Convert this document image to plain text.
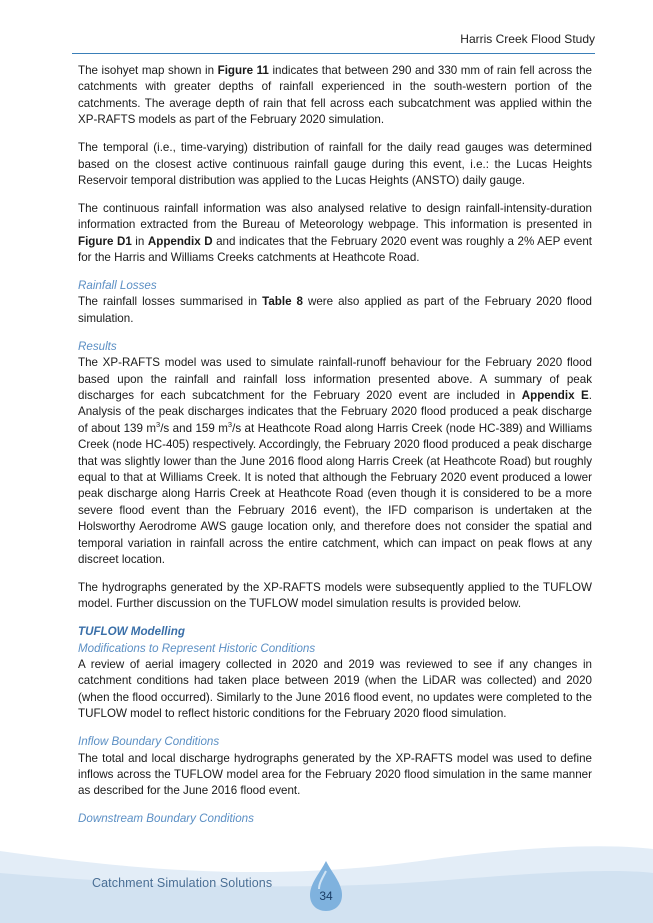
Harris Creek Flood Study

The isohyet map shown in Figure 11 indicates that between 290 and 330 mm of rain fell across the catchments with greater depths of rainfall experienced in the south-western portion of the catchments. The average depth of rain that fell across each subcatchment was applied within the XP-RAFTS models as part of the February 2020 simulation.

The temporal (i.e., time-varying) distribution of rainfall for the daily read gauges was determined based on the closest active continuous rainfall gauge during this event, i.e.: the Lucas Heights Reservoir temporal distribution was applied to the Lucas Heights (ANSTO) daily gauge.

The continuous rainfall information was also analysed relative to design rainfall-intensity-duration information extracted from the Bureau of Meteorology webpage. This information is presented in Figure D1 in Appendix D and indicates that the February 2020 event was roughly a 2% AEP event for the Harris and Williams Creeks catchments at Heathcote Road.

Rainfall Losses

The rainfall losses summarised in Table 8 were also applied as part of the February 2020 flood simulation.

Results

The XP-RAFTS model was used to simulate rainfall-runoff behaviour for the February 2020 flood based upon the rainfall and rainfall loss information presented above. A summary of peak discharges for each subcatchment for the February 2020 event are included in Appendix E. Analysis of the peak discharges indicates that the February 2020 flood produced a peak discharge of about 139 $m^3/s$ and 159 $m^3/s$ at Heathcote Road along Harris Creek (node HC-389) and Williams Creek (node HC-405) respectively. Accordingly, the February 2020 flood produced a peak discharge that was slightly lower than the June 2016 flood along Harris Creek (at Heathcote Road) but roughly equal to that at Williams Creek. It is noted that although the February 2020 event produced a lower peak discharge along Harris Creek at Heathcote Road (even though it is considered to be a more severe flood event than the February 2016 event), the IFD comparison is undertaken at the Holsworthy Aerodrome AWS gauge location only, and therefore does not consider the spatial and temporal variation in rainfall across the entire catchment, which can impact on peak flows at any discreet location.

The hydrographs generated by the XP-RAFTS models were subsequently applied to the TUFLOW model. Further discussion on the TUFLOW model simulation results is provided below.

TUFLOW Modelling
Modifications to Represent Historic Conditions

A review of aerial imagery collected in 2020 and 2019 was reviewed to see if any changes in catchment conditions had taken place between 2019 (when the LiDAR was collected) and 2020 (when the flood occurred). Similarly to the June 2016 flood event, no updates were completed to the TUFLOW model to reflect historic conditions for the February 2020 flood simulation.

Inflow Boundary Conditions

The total and local discharge hydrographs generated by the XP-RAFTS model was used to define inflows across the TUFLOW model area for the February 2020 flood simulation in the same manner as described for the June 2016 flood event.

Downstream Boundary Conditions
Catchment Simulation Solutions
34
